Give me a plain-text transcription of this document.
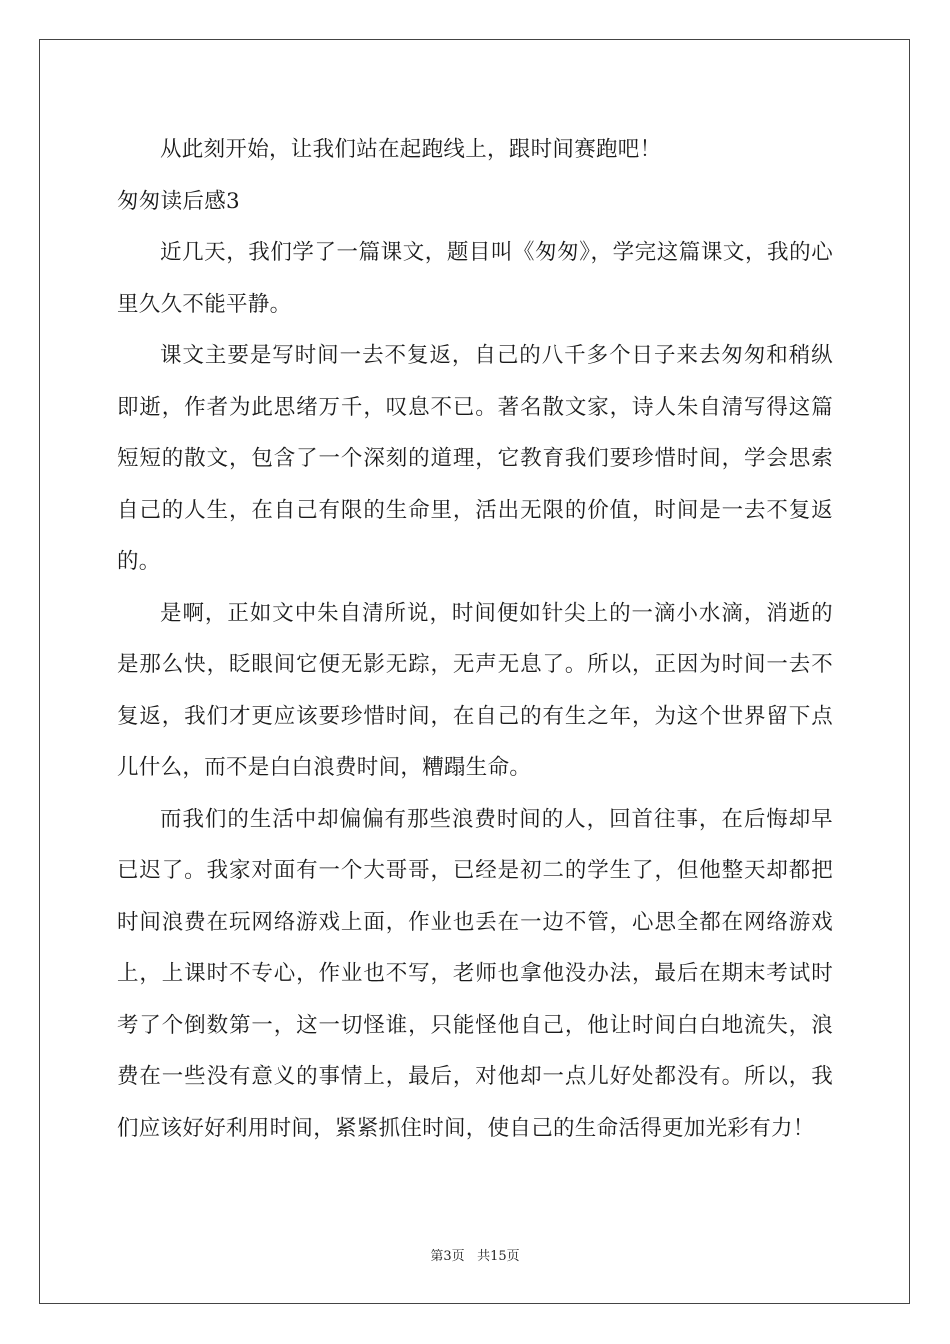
从此刻开始，让我们站在起跑线上，跟时间赛跑吧！

匆匆读后感3

近几天，我们学了一篇课文，题目叫《匆匆》，学完这篇课文，我的心里久久不能平静。

课文主要是写时间一去不复返，自己的八千多个日子来去匆匆和稍纵即逝，作者为此思绪万千，叹息不已。著名散文家，诗人朱自清写得这篇短短的散文，包含了一个深刻的道理，它教育我们要珍惜时间，学会思索自己的人生，在自己有限的生命里，活出无限的价值，时间是一去不复返的。

是啊，正如文中朱自清所说，时间便如针尖上的一滴小水滴，消逝的是那么快，眨眼间它便无影无踪，无声无息了。所以，正因为时间一去不复返，我们才更应该要珍惜时间，在自己的有生之年，为这个世界留下点儿什么，而不是白白浪费时间，糟蹋生命。

而我们的生活中却偏偏有那些浪费时间的人，回首往事，在后悔却早已迟了。我家对面有一个大哥哥，已经是初二的学生了，但他整天却都把时间浪费在玩网络游戏上面，作业也丢在一边不管，心思全都在网络游戏上，上课时不专心，作业也不写，老师也拿他没办法，最后在期末考试时考了个倒数第一，这一切怪谁，只能怪他自己，他让时间白白地流失，浪费在一些没有意义的事情上，最后，对他却一点儿好处都没有。所以，我们应该好好利用时间，紧紧抓住时间，使自己的生命活得更加光彩有力！

第3页 共15页
